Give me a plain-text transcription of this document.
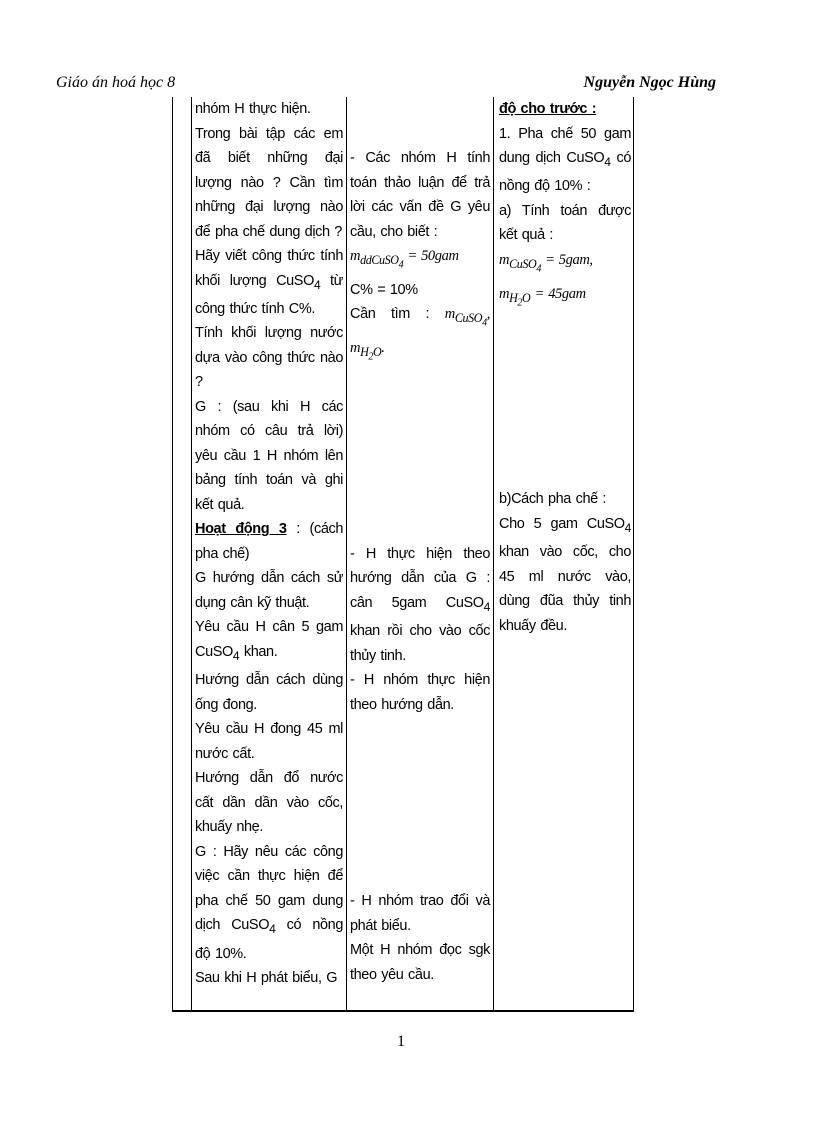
Giáo án hoá học 8	Nguyễn Ngọc Hùng

nhóm H thực hiện.

Trong bài tập các em đã biết những đại lượng nào ? Cần tìm những đại lượng nào để pha chế dung dịch ?

Hãy viết công thức tính khối lượng CuSO$_4$ từ công thức tính C%.

Tính khối lượng nước dựa vào công thức nào ?

G : (sau khi H các nhóm có câu trả lời) yêu cầu 1 H nhóm lên bảng tính toán và ghi kết quả.

Hoạt động 3 : (cách pha chế)

G hướng dẫn cách sử dụng cân kỹ thuật.

Yêu cầu H cân 5 gam CuSO$_4$ khan.

Hướng dẫn cách dùng ống đong.

Yêu cầu H đong 45 ml nước cất.

Hướng dẫn đổ nước cất dần dần vào cốc, khuấy nhẹ.

G : Hãy nêu các công việc cần thực hiện để pha chế 50 gam dung dịch CuSO$_4$ có nồng độ 10%.

Sau khi H phát biểu, G

- Các nhóm H tính toán thảo luận để trả lời các vấn đề G yêu cầu, cho biết :

$m_{ddCuSO_4} = 50gam$

C% = 10%

Cần tìm : $m_{CuSO_4}$, $m_{H_2O}$.

- H thực hiện theo hướng dẫn của G : cân 5gam CuSO$_4$ khan rồi cho vào cốc thủy tinh.

- H nhóm thực hiện theo hướng dẫn.

- H nhóm trao đổi và phát biểu.

Một H nhóm đọc sgk theo yêu cầu.

độ cho trước :

1. Pha chế 50 gam dung dịch CuSO$_4$ có nồng độ 10% :

a) Tính toán được kết quả :

$m_{CuSO_4} = 5gam$,

$m_{H_2O} = 45gam$

b)Cách pha chế :

Cho 5 gam CuSO$_4$ khan vào cốc, cho 45 ml nước vào, dùng đũa thủy tinh khuấy đều.

1
